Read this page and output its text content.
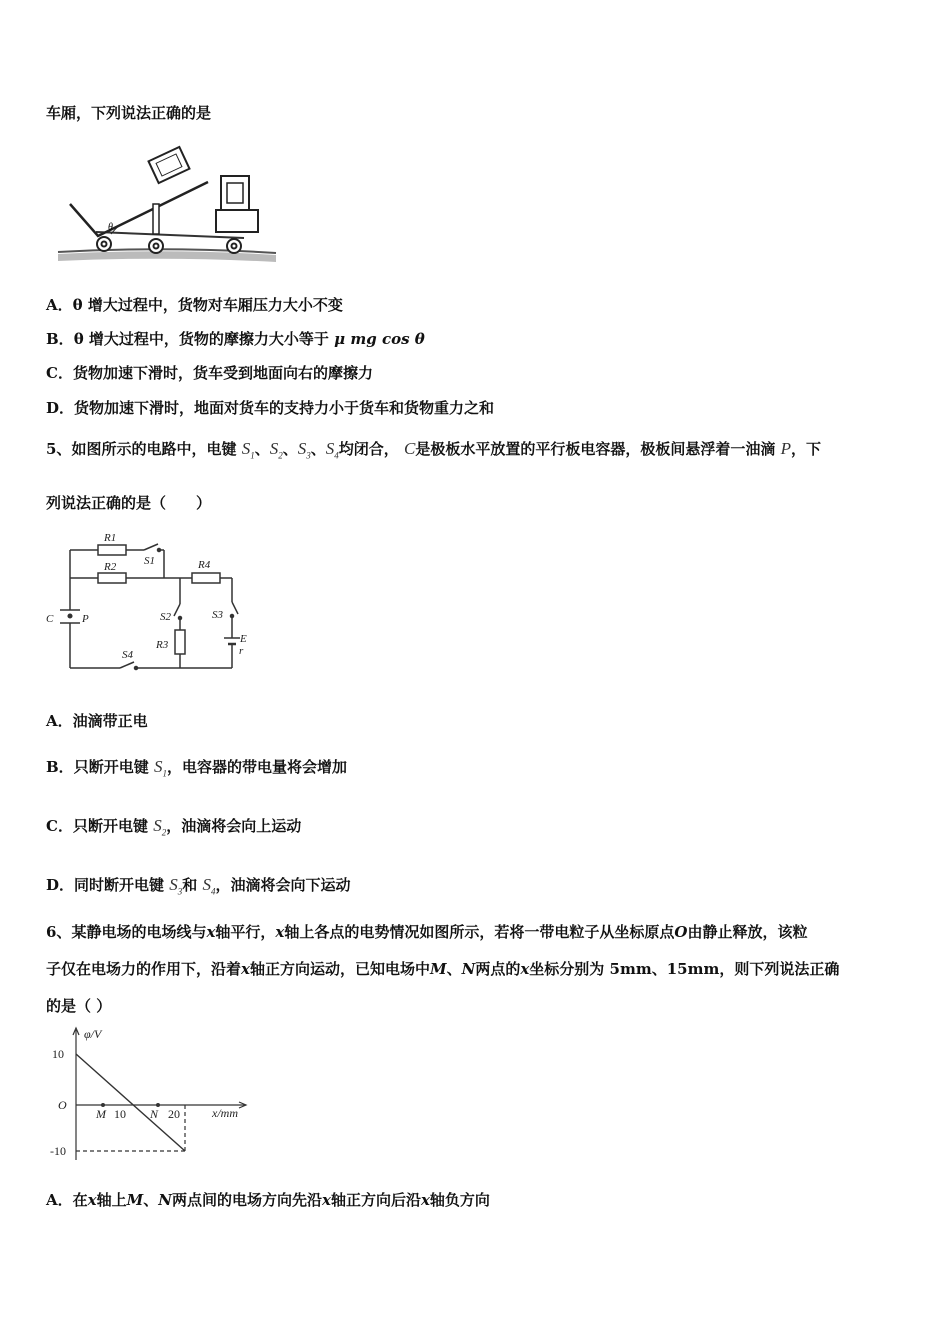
车厢，下列说法正确的是
θ
A．θ 增大过程中，货物对车厢压力大小不变
B．θ 增大过程中，货物的摩擦力大小等于 μ mg cos θ
C．货物加速下滑时，货车受到地面向右的摩擦力
D．货物加速下滑时，地面对货车的支持力小于货车和货物重力之和
5、如图所示的电路中，电键 $S_1$、$S_2$、$S_3$、$S_4$均闭合， C是极板水平放置的平行板电容器，极板间悬浮着一油滴 P，下
列说法正确的是（　　）
R1
R2	S1	R4
S2	S3
R3	E
r
C	P
S4
A．油滴带正电
B．只断开电键 $S_1$，电容器的带电量将会增加
C．只断开电键 $S_2$，油滴将会向上运动
D．同时断开电键 $S_3$和 $S_4$，油滴将会向下运动
6、某静电场的电场线与x轴平行，x轴上各点的电势情况如图所示，若将一带电粒子从坐标原点O由静止释放，该粒
子仅在电场力的作用下，沿着x轴正方向运动，已知电场中M、N两点的x坐标分别为 5mm、15mm，则下列说法正确
的是（ ）
φ/V
10
-10
O
M 10 N 20	x/mm
A．在x轴上M、N两点间的电场方向先沿x轴正方向后沿x轴负方向
